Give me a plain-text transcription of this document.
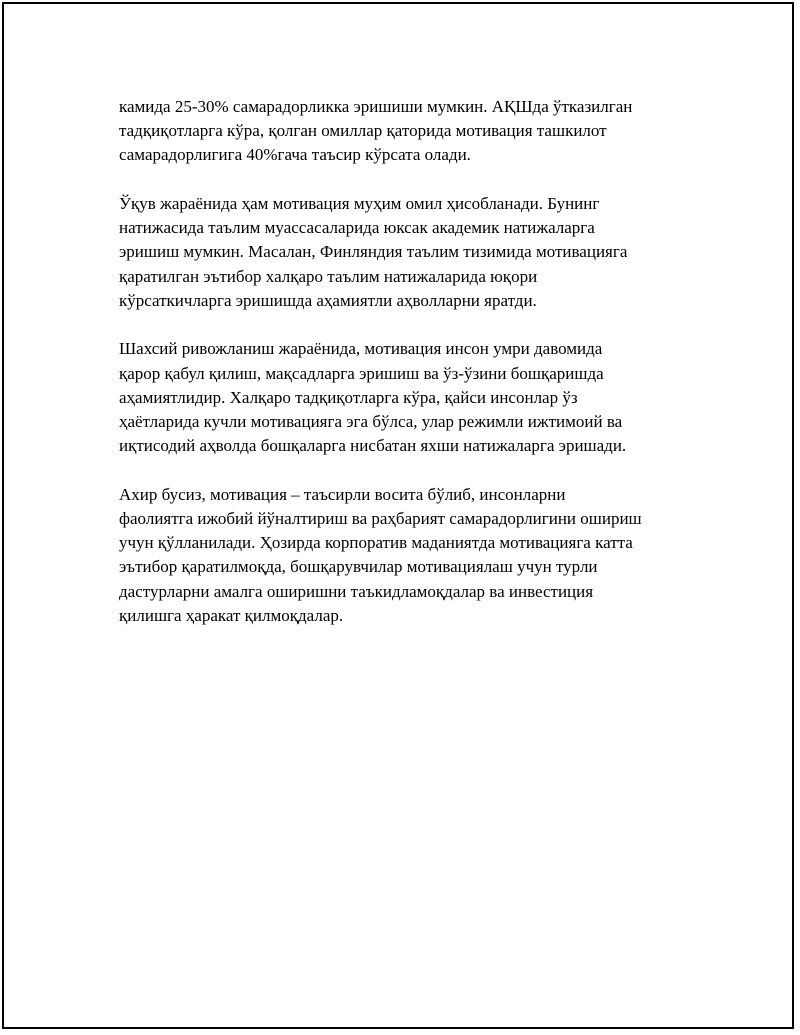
камида 25-30% самарадорликка эришиши мумкин. АҚШда ўтказилган
тадқиқотларга кўра, қолган омиллар қаторида мотивация ташкилот
самарадорлигига 40%гача таъсир кўрсата олади.

Ўқув жараёнида ҳам мотивация муҳим омил ҳисобланади. Бунинг
натижасида таълим муассасаларида юксак академик натижаларга
эришиш мумкин. Масалан, Финляндия таълим тизимида мотивацияга
қаратилган эътибор халқаро таълим натижаларида юқори
кўрсаткичларга эришишда аҳамиятли аҳволларни яратди.

Шахсий ривожланиш жараёнида, мотивация инсон умри давомида
қарор қабул қилиш, мақсадларга эришиш ва ўз-ўзини бошқаришда
аҳамиятлидир. Халқаро тадқиқотларга кўра, қайси инсонлар ўз
ҳаётларида кучли мотивацияга эга бўлса, улар режимли ижтимоий ва
иқтисодий аҳволда бошқаларга нисбатан яхши натижаларга эришади.

Ахир бусиз, мотивация – таъсирли восита бўлиб, инсонларни
фаолиятга ижобий йўналтириш ва раҳбарият самарадорлигини ошириш
учун қўлланилади. Ҳозирда корпоратив маданиятда мотивацияга катта
эътибор қаратилмоқда, бошқарувчилар мотивациялаш учун турли
дастурларни амалга оширишни таъкидламоқдалар ва инвестиция
қилишга ҳаракат қилмоқдалар.
